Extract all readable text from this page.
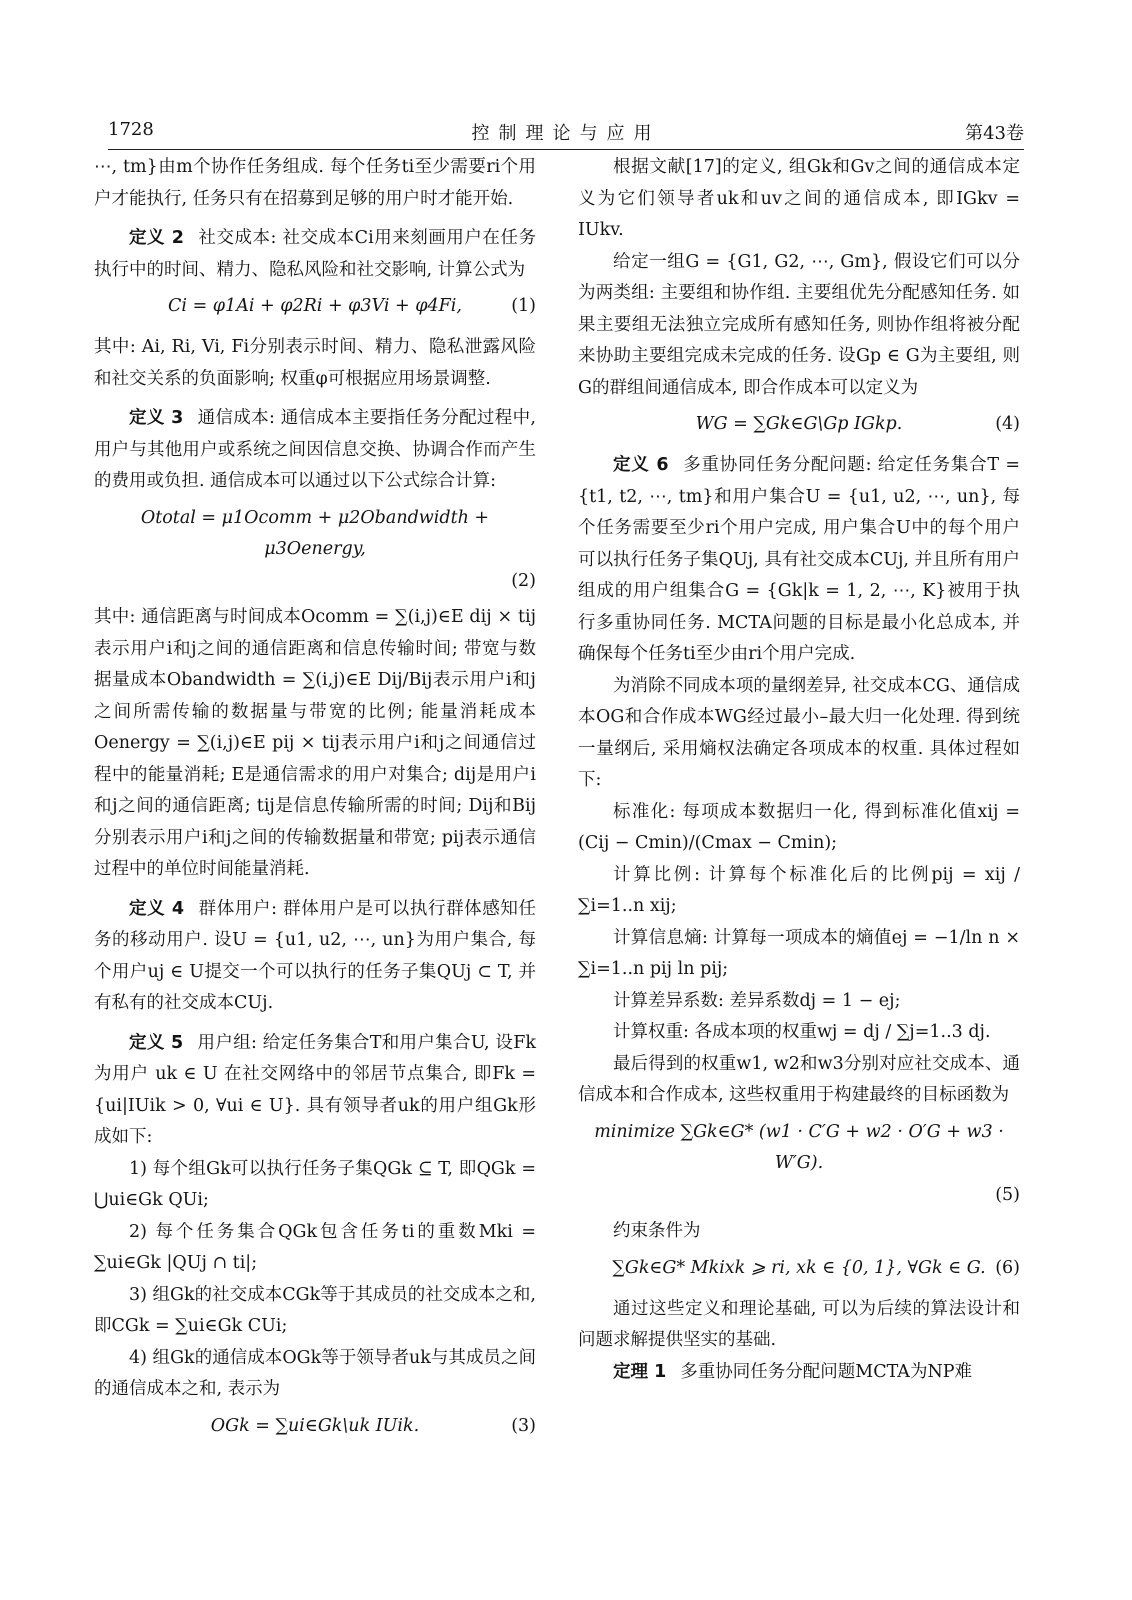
1728	控制理论与应用	第43卷

⋯, tm}由m个协作任务组成. 每个任务ti至少需要ri个用户才能执行, 任务只有在招募到足够的用户时才能开始.

定义 2 社交成本: 社交成本Ci用来刻画用户在任务执行中的时间、精力、隐私风险和社交影响, 计算公式为

Ci = φ1Ai + φ2Ri + φ3Vi + φ4Fi,	(1)

其中: Ai, Ri, Vi, Fi分别表示时间、精力、隐私泄露风险和社交关系的负面影响; 权重φ可根据应用场景调整.

定义 3 通信成本: 通信成本主要指任务分配过程中, 用户与其他用户或系统之间因信息交换、协调合作而产生的费用或负担. 通信成本可以通过以下公式综合计算:

Ototal = μ1Ocomm + μ2Obandwidth + μ3Oenergy,
(2)

其中: 通信距离与时间成本Ocomm = ∑(i,j)∈E dij × tij表示用户i和j之间的通信距离和信息传输时间; 带宽与数据量成本Obandwidth = ∑(i,j)∈E Dij/Bij表示用户i和j之间所需传输的数据量与带宽的比例; 能量消耗成本Oenergy = ∑(i,j)∈E pij × tij表示用户i和j之间通信过程中的能量消耗; E是通信需求的用户对集合; dij是用户i和j之间的通信距离; tij是信息传输所需的时间; Dij和Bij分别表示用户i和j之间的传输数据量和带宽; pij表示通信过程中的单位时间能量消耗.

定义 4 群体用户: 群体用户是可以执行群体感知任务的移动用户. 设U = {u1, u2, ⋯, un}为用户集合, 每个用户uj ∈ U提交一个可以执行的任务子集QUj ⊂ T, 并有私有的社交成本CUj.

定义 5 用户组: 给定任务集合T和用户集合U, 设Fk为用户 uk ∈ U 在社交网络中的邻居节点集合, 即Fk = {ui|IUik > 0, ∀ui ∈ U}. 具有领导者uk的用户组Gk形成如下:

1) 每个组Gk可以执行任务子集QGk ⊆ T, 即QGk = ⋃ui∈Gk QUi;

2) 每个任务集合QGk包含任务ti的重数Mki = ∑ui∈Gk |QUj ∩ ti|;

3) 组Gk的社交成本CGk等于其成员的社交成本之和, 即CGk = ∑ui∈Gk CUi;

4) 组Gk的通信成本OGk等于领导者uk与其成员之间的通信成本之和, 表示为

OGk = ∑ui∈Gk\uk IUik.	(3)

根据文献[17]的定义, 组Gk和Gv之间的通信成本定义为它们领导者uk和uv之间的通信成本, 即IGkv = IUkv.

给定一组G = {G1, G2, ⋯, Gm}, 假设它们可以分为两类组: 主要组和协作组. 主要组优先分配感知任务. 如果主要组无法独立完成所有感知任务, 则协作组将被分配来协助主要组完成未完成的任务. 设Gp ∈ G为主要组, 则G的群组间通信成本, 即合作成本可以定义为

WG = ∑Gk∈G\Gp IGkp.	(4)

定义 6 多重协同任务分配问题: 给定任务集合T = {t1, t2, ⋯, tm}和用户集合U = {u1, u2, ⋯, un}, 每个任务需要至少ri个用户完成, 用户集合U中的每个用户可以执行任务子集QUj, 具有社交成本CUj, 并且所有用户组成的用户组集合G = {Gk|k = 1, 2, ⋯, K}被用于执行多重协同任务. MCTA问题的目标是最小化总成本, 并确保每个任务ti至少由ri个用户完成.

为消除不同成本项的量纲差异, 社交成本CG、通信成本OG和合作成本WG经过最小–最大归一化处理. 得到统一量纲后, 采用熵权法确定各项成本的权重. 具体过程如下:

标准化: 每项成本数据归一化, 得到标准化值xij = (Cij − Cmin)/(Cmax − Cmin);

计算比例: 计算每个标准化后的比例pij = xij / ∑i=1..n xij;

计算信息熵: 计算每一项成本的熵值ej = −1/ln n × ∑i=1..n pij ln pij;

计算差异系数: 差异系数dj = 1 − ej;

计算权重: 各成本项的权重wj = dj / ∑j=1..3 dj.

最后得到的权重w1, w2和w3分别对应社交成本、通信成本和合作成本, 这些权重用于构建最终的目标函数为

minimize ∑Gk∈G* (w1 · C′G + w2 · O′G + w3 · W′G).
(5)

约束条件为

∑Gk∈G* Mkixk ⩾ ri, xk ∈ {0, 1}, ∀Gk ∈ G. (6)

通过这些定义和理论基础, 可以为后续的算法设计和问题求解提供坚实的基础.

定理 1 多重协同任务分配问题MCTA为NP难
